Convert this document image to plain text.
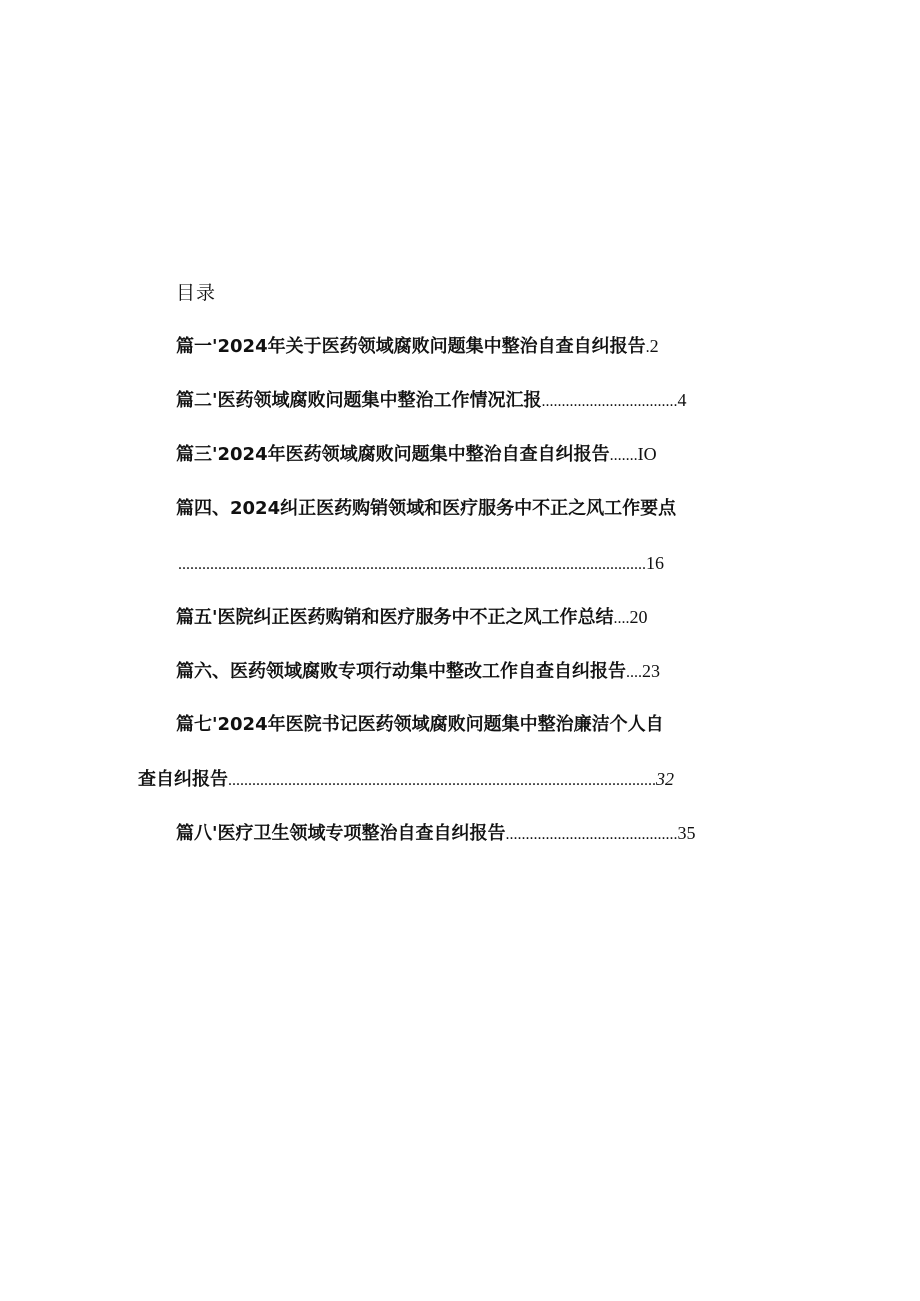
目录
篇一'2024年关于医药领域腐败问题集中整治自查自纠报告.2
篇二'医药领域腐败问题集中整治工作情况汇报..................................4
篇三'2024年医药领域腐败问题集中整治自查自纠报告.......IO
篇四、2024纠正医药购销领域和医疗服务中不正之风工作要点
.....................................................................................................................16
篇五'医院纠正医药购销和医疗服务中不正之风工作总结....20
篇六、医药领域腐败专项行动集中整改工作自查自纠报告....23
篇七'2024年医院书记医药领域腐败问题集中整治廉洁个人自
查自纠报告...........................................................................................................32
篇八'医疗卫生领域专项整治自查自纠报告...........................................35
